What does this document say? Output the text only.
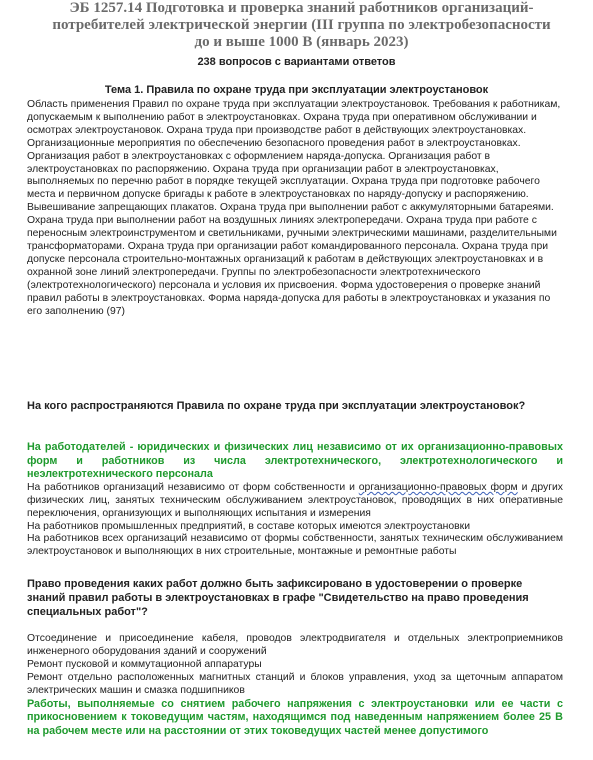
ЭБ 1257.14 Подготовка и проверка знаний работников организаций-потребителей электрической энергии (III группа по электробезопасности до и выше 1000 В (январь 2023)
238 вопросов с вариантами ответов
Тема 1. Правила по охране труда при эксплуатации электроустановок
Область применения Правил по охране труда при эксплуатации электроустановок. Требования к работникам, допускаемым к выполнению работ в электроустановках. Охрана труда при оперативном обслуживании и осмотрах электроустановок. Охрана труда при производстве работ в действующих электроустановках. Организационные мероприятия по обеспечению безопасного проведения работ в электроустановках. Организация работ в электроустановках с оформлением наряда-допуска. Организация работ в электроустановках по распоряжению. Охрана труда при организации работ в электроустановках, выполняемых по перечню работ в порядке текущей эксплуатации. Охрана труда при подготовке рабочего места и первичном допуске бригады к работе в электроустановках по наряду-допуску и распоряжению. Вывешивание запрещающих плакатов. Охрана труда при выполнении работ с аккумуляторными батареями. Охрана труда при выполнении работ на воздушных линиях электропередачи. Охрана труда при работе с переносным электроинструментом и светильниками, ручными электрическими машинами, разделительными трансформаторами. Охрана труда при организации работ командированного персонала. Охрана труда при допуске персонала строительно-монтажных организаций к работам в действующих электроустановках и в охранной зоне линий электропередачи. Группы по электробезопасности электротехнического (электротехнологического) персонала и условия их присвоения. Форма удостоверения о проверке знаний правил работы в электроустановках. Форма наряда-допуска для работы в электроустановках и указания по его заполнению (97)
На кого распространяются Правила по охране труда при эксплуатации электроустановок?
На работодателей - юридических и физических лиц независимо от их организационно-правовых форм и работников из числа электротехнического, электротехнологического и неэлектротехнического персонала
На работников организаций независимо от форм собственности и организационно-правовых форм и других физических лиц, занятых техническим обслуживанием электроустановок, проводящих в них оперативные переключения, организующих и выполняющих испытания и измерения
На работников промышленных предприятий, в составе которых имеются электроустановки
На работников всех организаций независимо от формы собственности, занятых техническим обслуживанием электроустановок и выполняющих в них строительные, монтажные и ремонтные работы
Право проведения каких работ должно быть зафиксировано в удостоверении о проверке знаний правил работы в электроустановках в графе "Свидетельство на право проведения специальных работ"?
Отсоединение и присоединение кабеля, проводов электродвигателя и отдельных электроприемников инженерного оборудования зданий и сооружений
Ремонт пусковой и коммутационной аппаратуры
Ремонт отдельно расположенных магнитных станций и блоков управления, уход за щеточным аппаратом электрических машин и смазка подшипников
Работы, выполняемые со снятием рабочего напряжения с электроустановки или ее части с прикосновением к токоведущим частям, находящимся под наведенным напряжением более 25 В на рабочем месте или на расстоянии от этих токоведущих частей менее допустимого
